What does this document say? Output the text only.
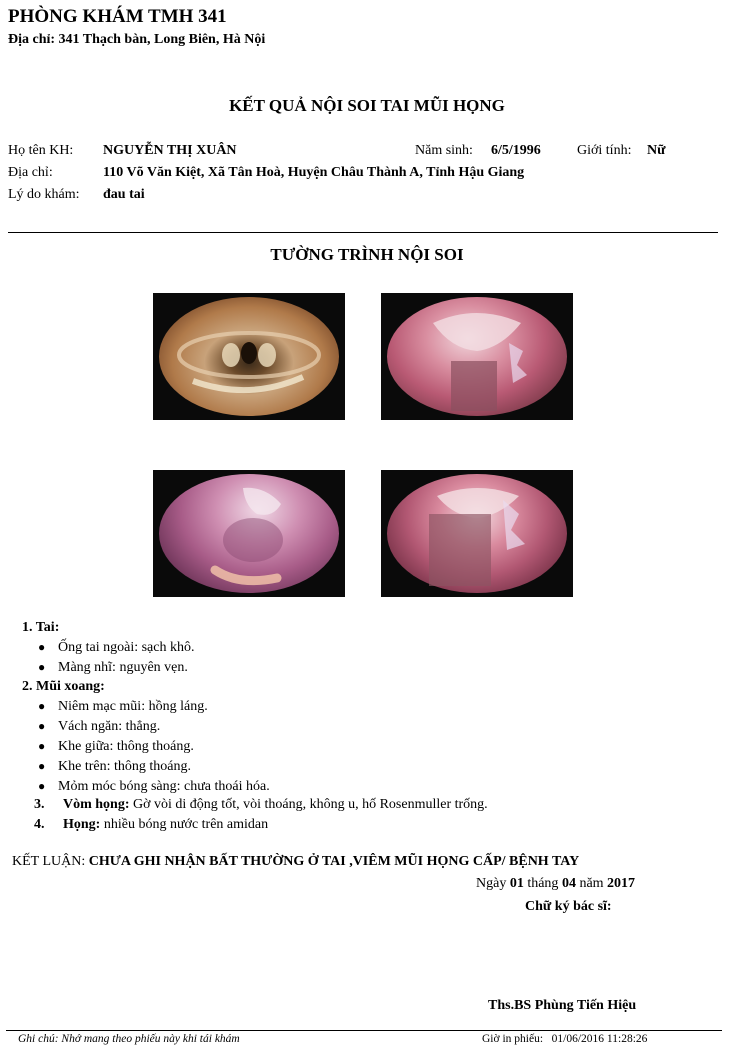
PHÒNG KHÁM TMH 341
Địa chỉ: 341 Thạch bàn, Long Biên, Hà Nội
KẾT QUẢ NỘI SOI TAI MŨI HỌNG
Họ tên KH: NGUYỄN THỊ XUÂN	Năm sinh: 6/5/1996	Giới tính: Nữ
Địa chỉ:	110 Võ Văn Kiệt, Xã Tân Hoà, Huyện Châu Thành A, Tỉnh Hậu Giang
Lý do khám: đau tai
TƯỜNG TRÌNH NỘI SOI
1. Tai:
● Ống tai ngoài: sạch khô.
● Màng nhĩ: nguyên vẹn.
2. Mũi xoang:
● Niêm mạc mũi: hồng láng.
● Vách ngăn: thẳng.
● Khe giữa: thông thoáng.
● Khe trên: thông thoáng.
● Mỏm móc bóng sàng: chưa thoái hóa.
3. Vòm họng: Gờ vòi di động tốt, vòi thoáng, không u, hố Rosenmuller trống.
4. Họng: nhiều bóng nước trên amidan
KẾT LUẬN: CHƯA GHI NHẬN BẤT THƯỜNG Ở TAI ,VIÊM MŨI HỌNG CẤP/ BỆNH TAY
Ngày 01 tháng 04 năm 2017
Chữ ký bác sĩ:
Ths.BS Phùng Tiến Hiệu
Ghi chú: Nhớ mang theo phiếu này khi tái khám	Giờ in phiếu: 01/06/2016 11:28:26
